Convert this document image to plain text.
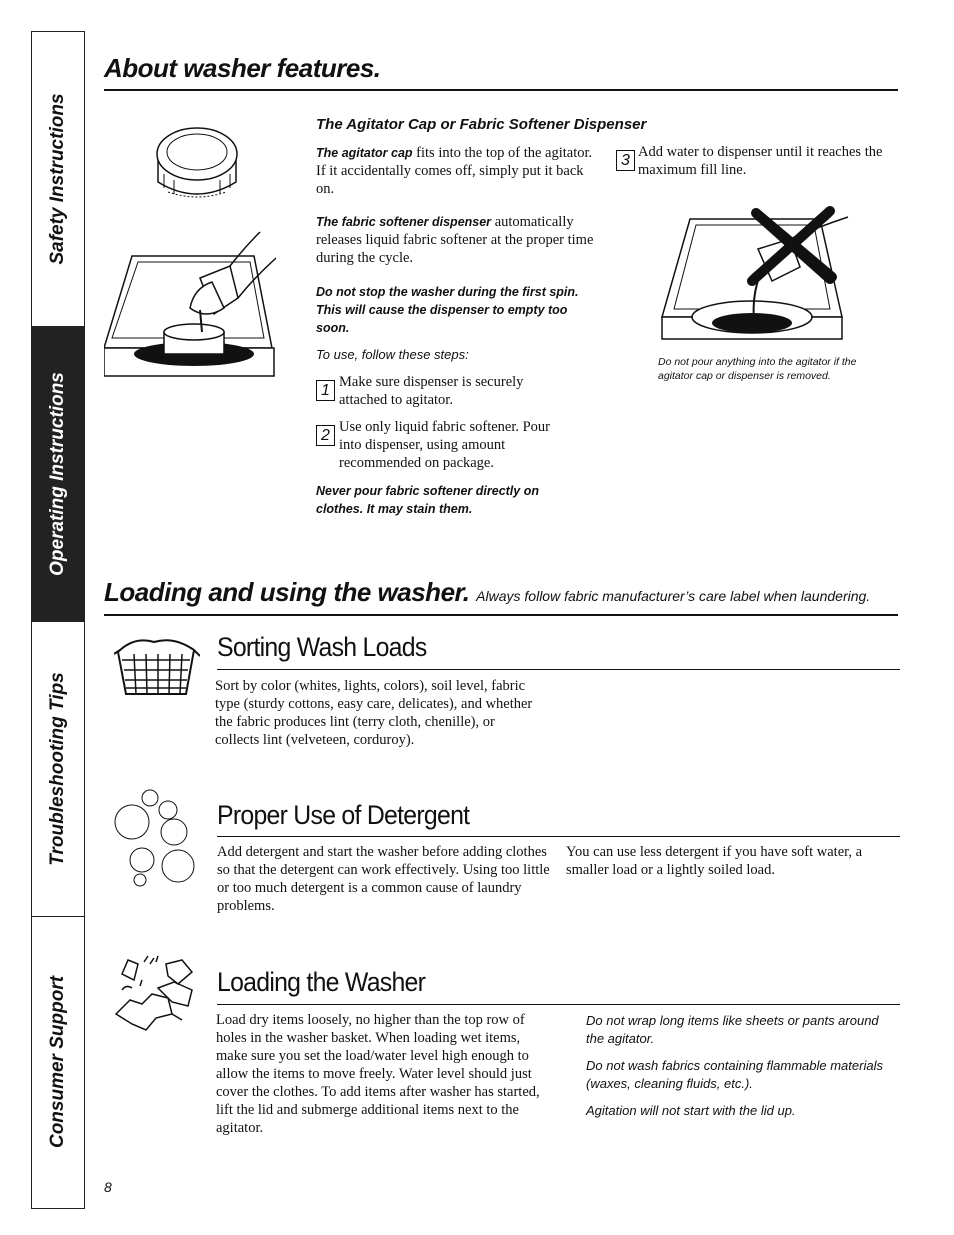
Safety Instructions
Operating Instructions
Troubleshooting Tips
Consumer Support
About washer features.
The Agitator Cap or Fabric Softener Dispenser
The agitator cap fits into the top of the agitator. If it accidentally comes off, simply put it back on.
The fabric softener dispenser automatically releases liquid fabric softener at the proper time during the cycle.
Do not stop the washer during the first spin. This will cause the dispenser to empty too soon.
To use, follow these steps:
1 Make sure dispenser is securely attached to agitator.
2 Use only liquid fabric softener. Pour into dispenser, using amount recommended on package.
Never pour fabric softener directly on clothes. It may stain them.
3 Add water to dispenser until it reaches the maximum fill line.
Do not pour anything into the agitator if the agitator cap or dispenser is removed.
Loading and using the washer. Always follow fabric manufacturer’s care label when laundering.
Sorting Wash Loads
Sort by color (whites, lights, colors), soil level, fabric type (sturdy cottons, easy care, delicates), and whether the fabric produces lint (terry cloth, chenille), or collects lint (velveteen, corduroy).
Proper Use of Detergent
Add detergent and start the washer before adding clothes so that the detergent can work effectively. Using too little or too much detergent is a common cause of laundry problems.
You can use less detergent if you have soft water, a smaller load or a lightly soiled load.
Loading the Washer
Load dry items loosely, no higher than the top row of holes in the washer basket. When loading wet items, make sure you set the load/water level high enough to allow the items to move freely. Water level should just cover the clothes. To add items after washer has started, lift the lid and submerge additional items next to the agitator.
Do not wrap long items like sheets or pants around the agitator.
Do not wash fabrics containing flammable materials (waxes, cleaning fluids, etc.).
Agitation will not start with the lid up.
8
